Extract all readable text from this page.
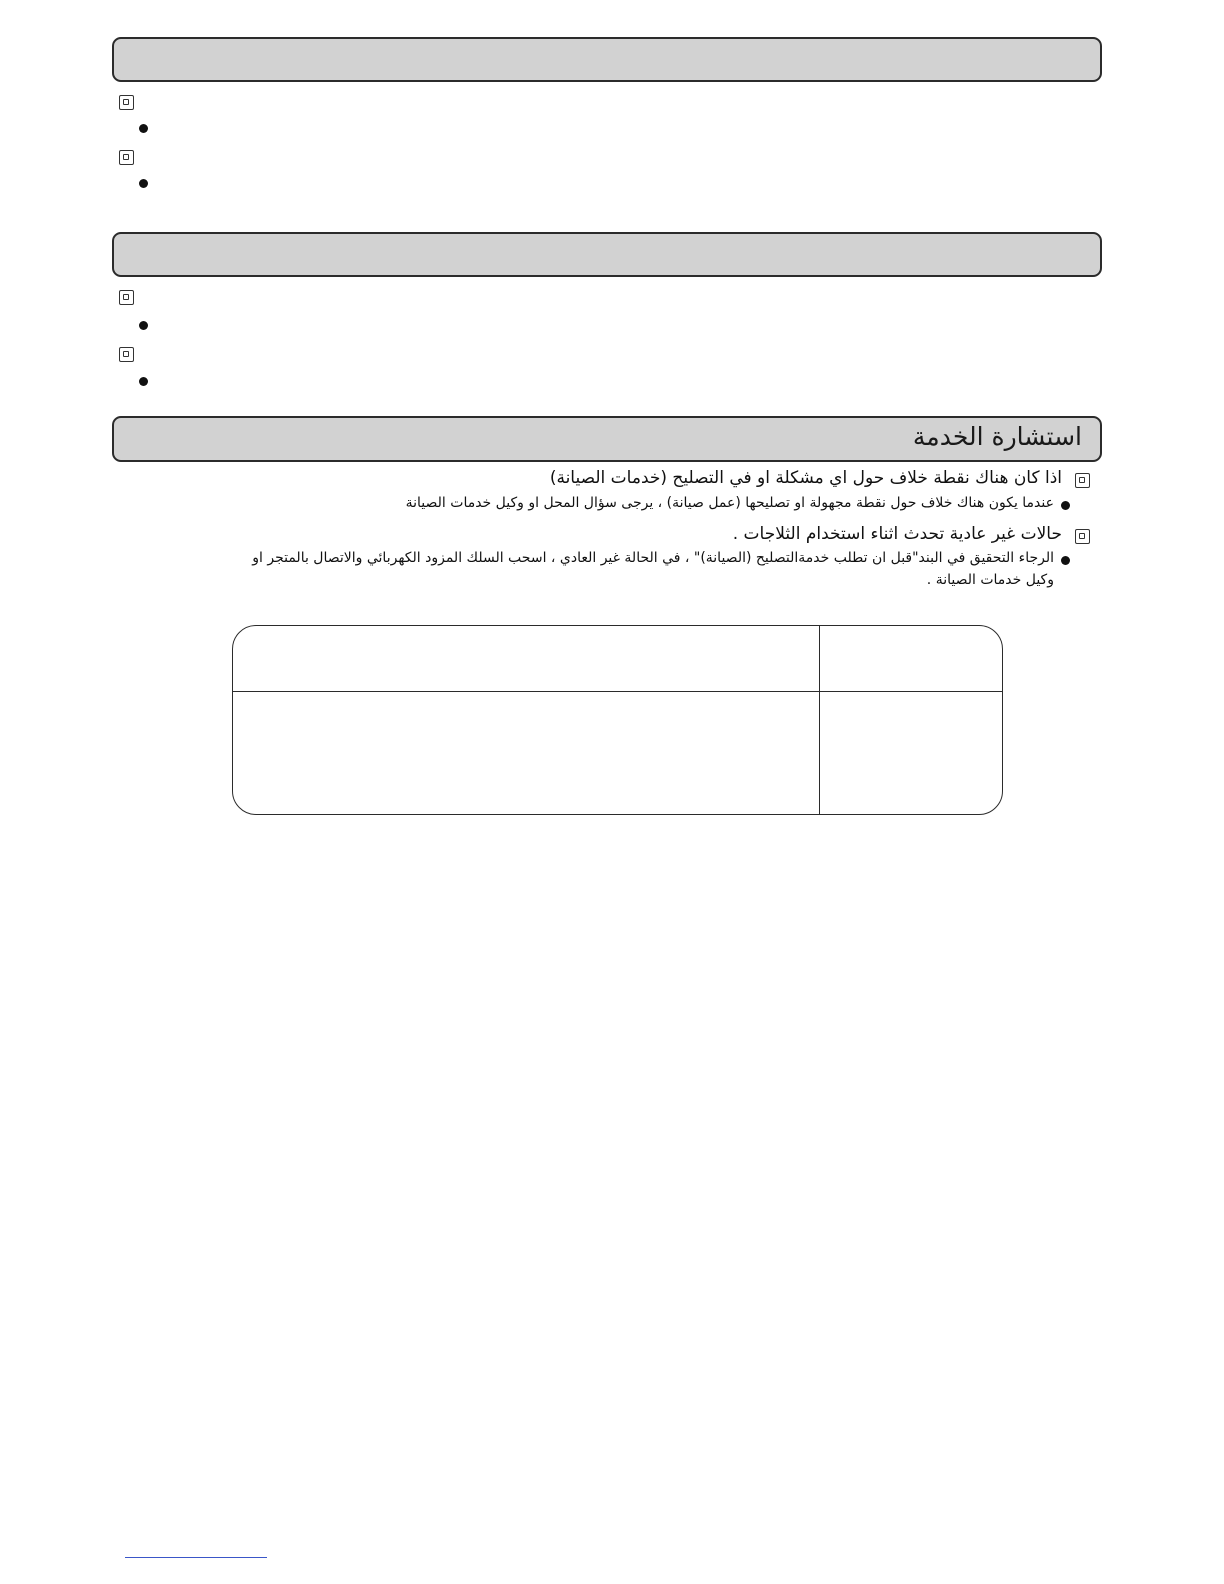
استشارة الخدمة
اذا كان هناك نقطة خلاف حول اي مشكلة او في التصليح (خدمات الصيانة)
عندما يكون هناك خلاف حول نقطة مجهولة او تصليحها (عمل صيانة) ، يرجى سؤال المحل او وكيل خدمات الصيانة
حالات غير عادية تحدث اثناء استخدام الثلاجات .
الرجاء التحقيق في البند"قبل ان تطلب خدمةالتصليح (الصيانة)" ، في الحالة غير العادي ، اسحب السلك المزود الكهربائي والاتصال بالمتجر او
وكيل خدمات الصيانة .
